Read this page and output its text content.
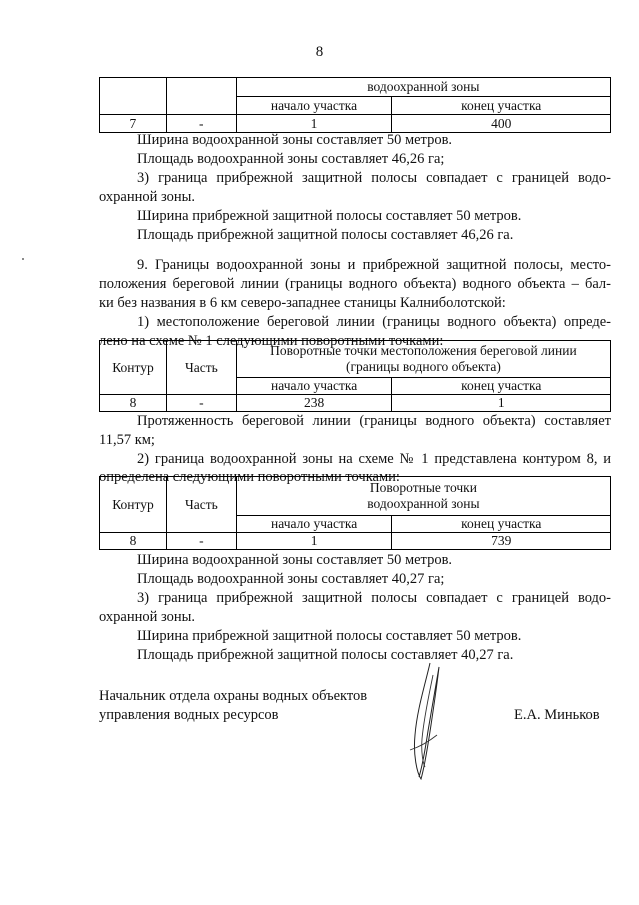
8
		водоохранной зоны	
		начало участка	конец участка
7	-	1	400
Ширина водоохранной зоны составляет 50 метров.
Площадь водоохранной зоны составляет 46,26 га;
3) граница прибрежной защитной полосы совпадает с границей водо-
охранной зоны.
Ширина прибрежной защитной полосы составляет 50 метров.
Площадь прибрежной защитной полосы составляет 46,26 га.
9. Границы водоохранной зоны и прибрежной защитной полосы, место-
положения береговой линии (границы водного объекта) водного объекта – бал-
ки без названия в 6 км северо-западнее станицы Калниболотской:
1) местоположение береговой линии (границы водного объекта) опреде-
лено на схеме № 1 следующими поворотными точками:
Контур	Часть	Поворотные точки местоположения береговой линии
(границы водного объекта)	

		начало участка	конец участка
8	-	238	1
Протяженность береговой линии (границы водного объекта) составляет
11,57 км;
2) граница водоохранной зоны на схеме № 1 представлена контуром 8, и
определена следующими поворотными точками:
Контур	Часть	Поворотные точки
водоохранной зоны	

		начало участка	конец участка
8	-	1	739
Ширина водоохранной зоны составляет 50 метров.
Площадь водоохранной зоны составляет 40,27 га;
3) граница прибрежной защитной полосы совпадает с границей водо-
охранной зоны.
Ширина прибрежной защитной полосы составляет 50 метров.
Площадь прибрежной защитной полосы составляет 40,27 га.
Начальник отдела охраны водных объектов
управления водных ресурсов	Е.А. Миньков
